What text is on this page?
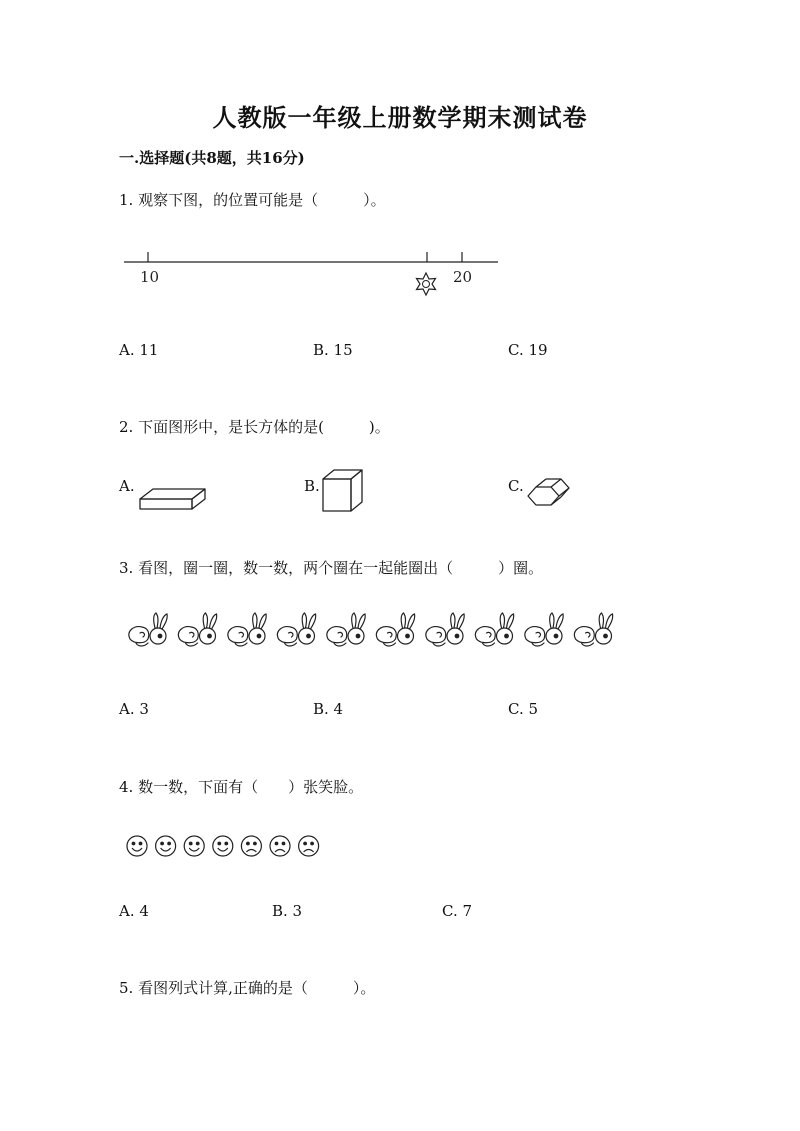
人教版一年级上册数学期末测试卷
一.选择题(共8题，共16分)
1. 观察下图，的位置可能是（　　　）。
10	20
A. 11	B. 15	C. 19
2. 下面图形中，是长方体的是(　　　)。
A.	B.	C.
3. 看图，圈一圈，数一数，两个圈在一起能圈出（　　　）圈。
A. 3	B. 4	C. 5
4. 数一数，下面有（　　）张笑脸。
A. 4	B. 3	C. 7
5. 看图列式计算,正确的是（　　　）。
